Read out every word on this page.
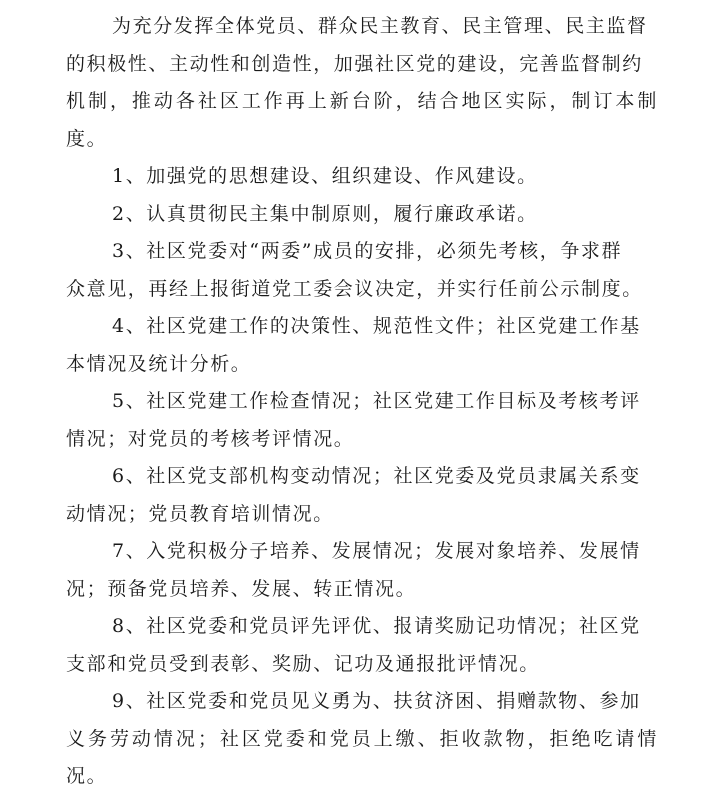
为充分发挥全体党员、群众民主教育、民主管理、民主监督
的积极性、主动性和创造性，加强社区党的建设，完善监督制约
机制，推动各社区工作再上新台阶，结合地区实际，制订本制度。

1、加强党的思想建设、组织建设、作风建设。

2、认真贯彻民主集中制原则，履行廉政承诺。

3、社区党委对“两委”成员的安排，必须先考核，争求群
众意见，再经上报街道党工委会议决定，并实行任前公示制度。

4、社区党建工作的决策性、规范性文件；社区党建工作基
本情况及统计分析。

5、社区党建工作检查情况；社区党建工作目标及考核考评
情况；对党员的考核考评情况。

6、社区党支部机构变动情况；社区党委及党员隶属关系变
动情况；党员教育培训情况。

7、入党积极分子培养、发展情况；发展对象培养、发展情
况；预备党员培养、发展、转正情况。

8、社区党委和党员评先评优、报请奖励记功情况；社区党
支部和党员受到表彰、奖励、记功及通报批评情况。

9、社区党委和党员见义勇为、扶贫济困、捐赠款物、参加
义务劳动情况；社区党委和党员上缴、拒收款物，拒绝吃请情况。
